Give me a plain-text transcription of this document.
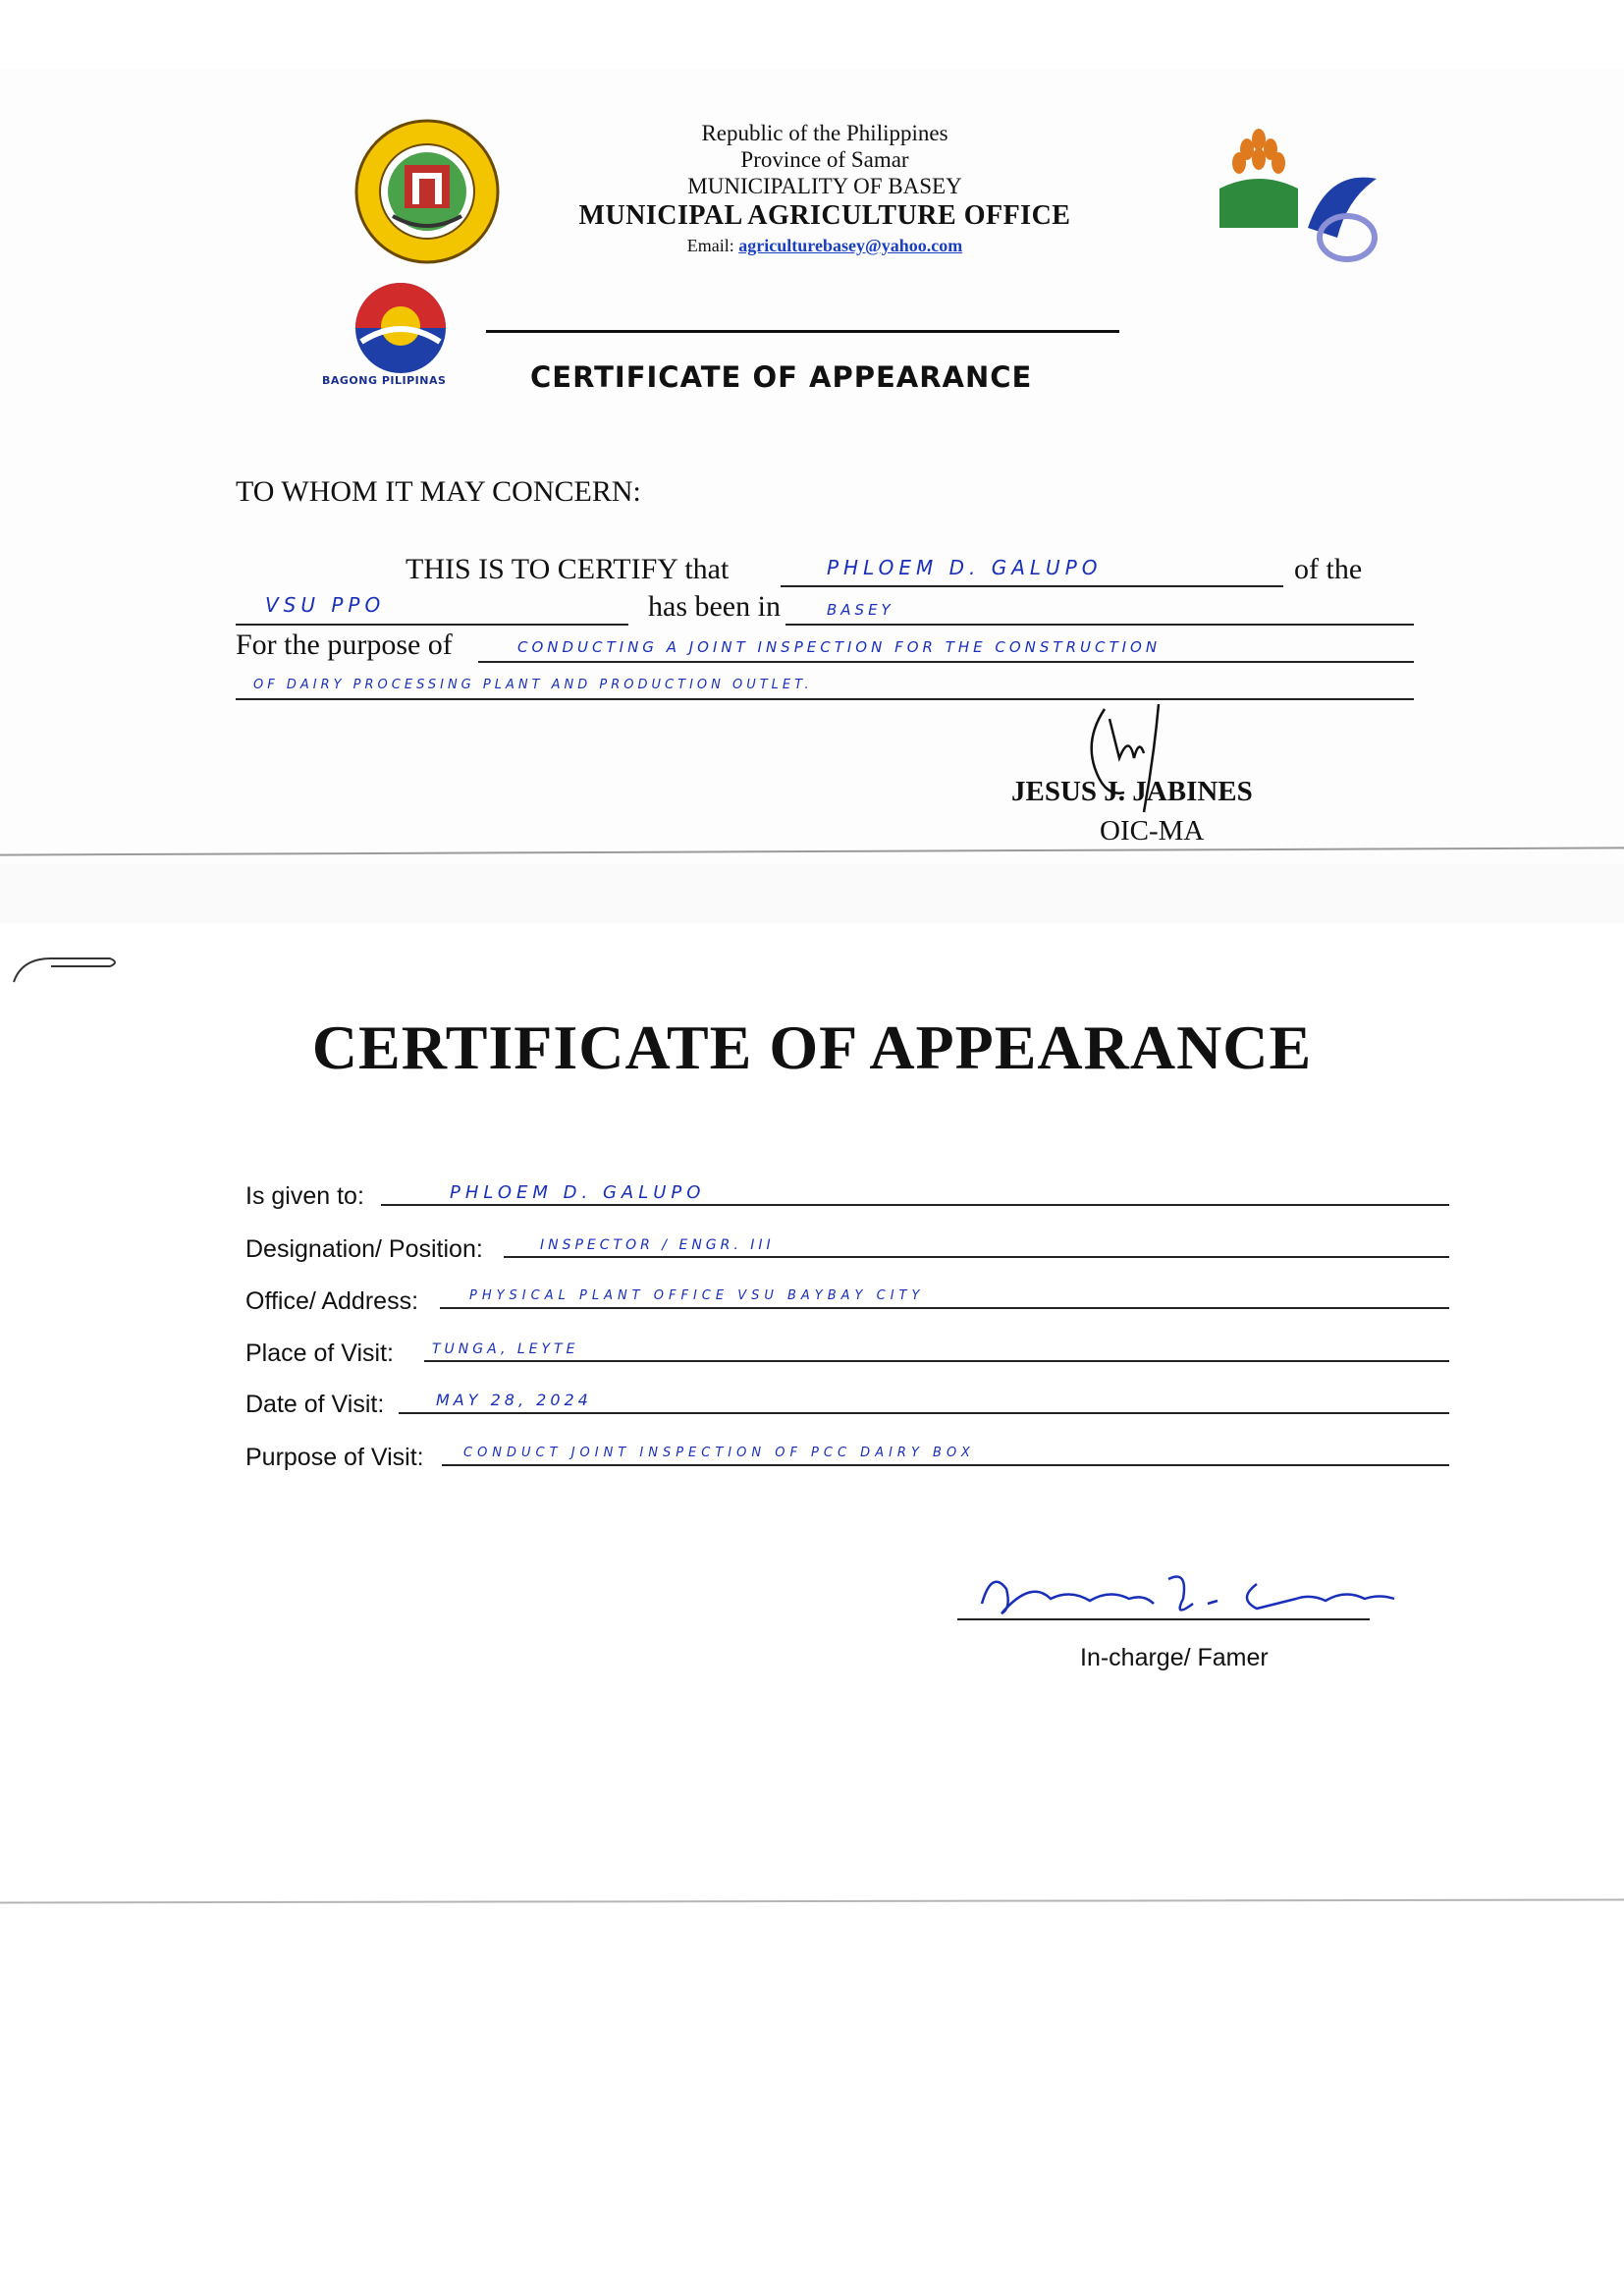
BAGONG PILIPINAS
Republic of the Philippines
Province of Samar
MUNICIPALITY OF BASEY
MUNICIPAL AGRICULTURE OFFICE
Email: agriculturebasey@yahoo.com
CERTIFICATE OF APPEARANCE
TO WHOM IT MAY CONCERN:
THIS IS TO CERTIFY that	PHLOEM D. GALUPO	of the
VSU PPO	has been in	BASEY
For the purpose of	CONDUCTING A JOINT INSPECTION FOR THE CONSTRUCTION
OF DAIRY PROCESSING PLANT AND PRODUCTION OUTLET.
JESUS J. JABINES
OIC-MA
CERTIFICATE OF APPEARANCE
Is given to:	PHLOEM D. GALUPO
Designation/ Position:	INSPECTOR / ENGR. III
Office/ Address:	PHYSICAL PLANT OFFICE VSU BAYBAY CITY
Place of Visit:	TUNGA, LEYTE
Date of Visit:	MAY 28, 2024
Purpose of Visit:	CONDUCT JOINT INSPECTION OF PCC DAIRY BOX
In-charge/ Famer
